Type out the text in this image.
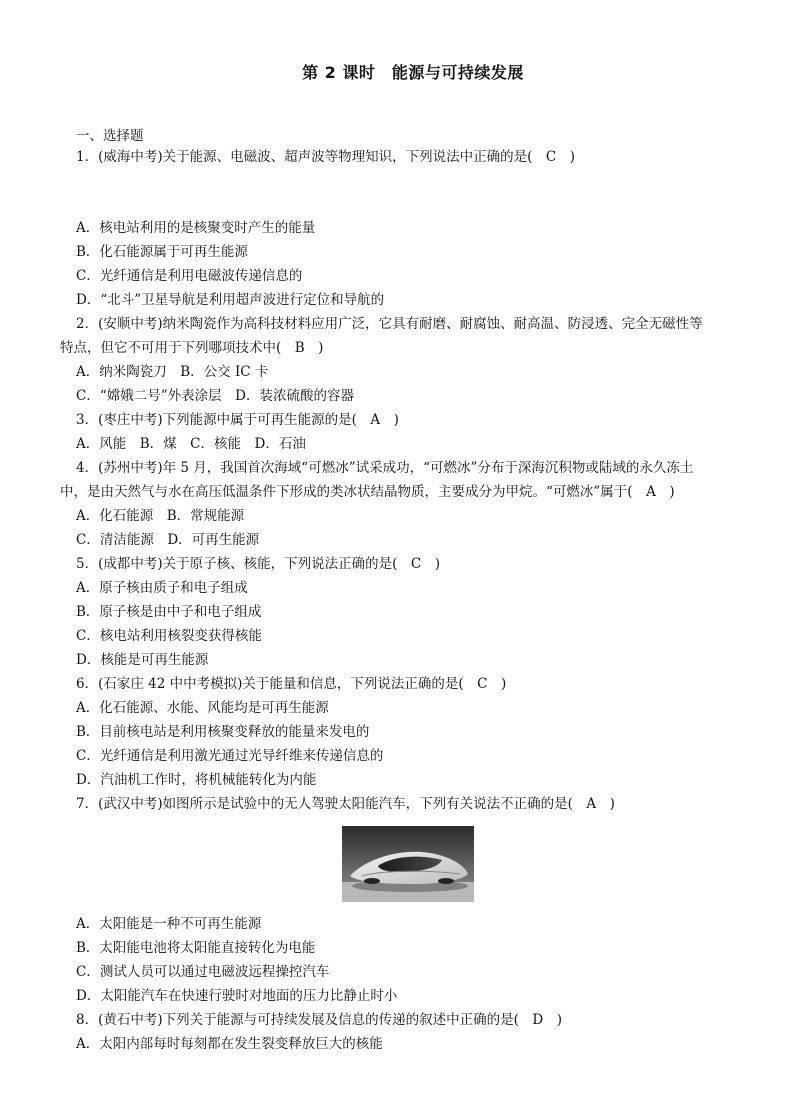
第 2 课时　能源与可持续发展
一、选择题
1．(威海中考)关于能源、电磁波、超声波等物理知识，下列说法中正确的是(　C　)
A．核电站利用的是核聚变时产生的能量
B．化石能源属于可再生能源
C．光纤通信是利用电磁波传递信息的
D．“北斗”卫星导航是利用超声波进行定位和导航的
2．(安顺中考)纳米陶瓷作为高科技材料应用广泛，它具有耐磨、耐腐蚀、耐高温、防浸透、完全无磁性等
特点，但它不可用于下列哪项技术中(　B　)
A．纳米陶瓷刀　B．公交 IC 卡
C．“嫦娥二号”外表涂层　D．装浓硫酸的容器
3．(枣庄中考)下列能源中属于可再生能源的是(　A　)
A．风能　B．煤　C．核能　D．石油
4．(苏州中考)年 5 月，我国首次海域“可燃冰”试采成功，“可燃冰”分布于深海沉积物或陆域的永久冻土
中，是由天然气与水在高压低温条件下形成的类冰状结晶物质，主要成分为甲烷。“可燃冰”属于(　A　)
A．化石能源　B．常规能源
C．清洁能源　D．可再生能源
5．(成都中考)关于原子核、核能，下列说法正确的是(　C　)
A．原子核由质子和电子组成
B．原子核是由中子和电子组成
C．核电站利用核裂变获得核能
D．核能是可再生能源
6．(石家庄 42 中中考模拟)关于能量和信息，下列说法正确的是(　C　)
A．化石能源、水能、风能均是可再生能源
B．目前核电站是利用核聚变释放的能量来发电的
C．光纤通信是利用激光通过光导纤维来传递信息的
D．汽油机工作时，将机械能转化为内能
7．(武汉中考)如图所示是试验中的无人驾驶太阳能汽车，下列有关说法不正确的是(　A　)
A．太阳能是一种不可再生能源
B．太阳能电池将太阳能直接转化为电能
C．测试人员可以通过电磁波远程操控汽车
D．太阳能汽车在快速行驶时对地面的压力比静止时小
8．(黄石中考)下列关于能源与可持续发展及信息的传递的叙述中正确的是(　D　)
A．太阳内部每时每刻都在发生裂变释放巨大的核能
